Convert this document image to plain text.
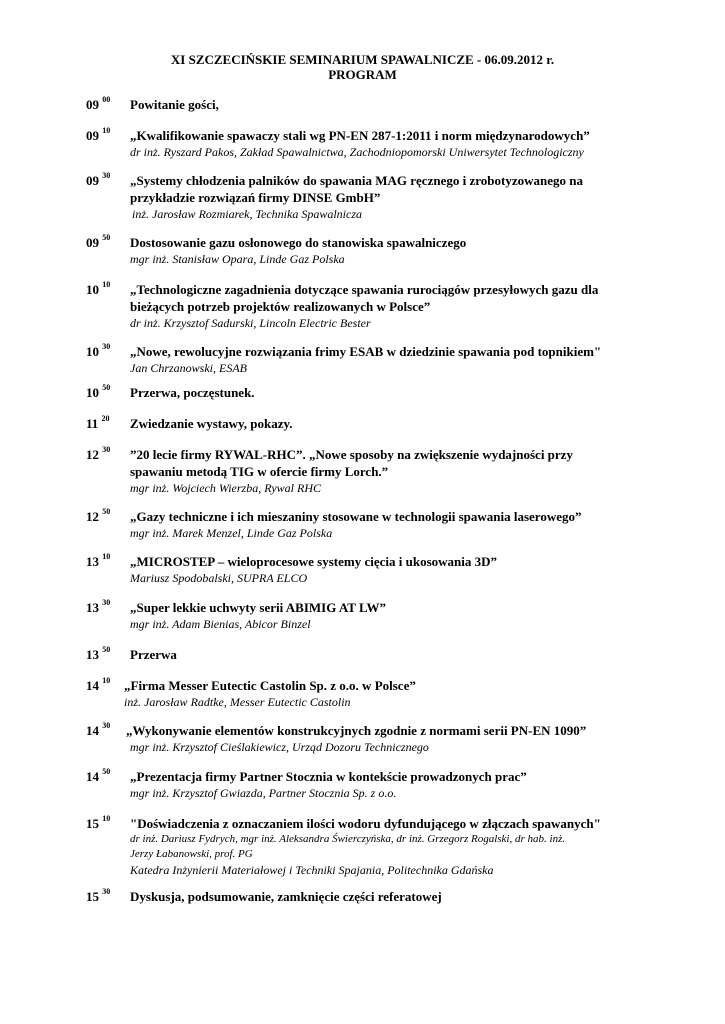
XI SZCZECIŃSKIE SEMINARIUM SPAWALNICZE - 06.09.2012 r.
PROGRAM
09 $^{00}$ Powitanie gości,
09 $^{10}$ „Kwalifikowanie spawaczy stali wg PN-EN 287-1:2011 i norm międzynarodowych”
dr inż. Ryszard Pakos, Zakład Spawalnictwa, Zachodniopomorski Uniwersytet Technologiczny
09 $^{30}$ „Systemy chłodzenia palników do spawania MAG ręcznego i zrobotyzowanego na
przykładzie rozwiązań firmy DINSE GmbH”
inż. Jarosław Rozmiarek, Technika Spawalnicza
09 $^{50}$ Dostosowanie gazu osłonowego do stanowiska spawalniczego
mgr inż. Stanisław Opara, Linde Gaz Polska
10 $^{10}$ „Technologiczne zagadnienia dotyczące spawania rurociągów przesyłowych gazu dla
bieżących potrzeb projektów realizowanych w Polsce”
dr inż. Krzysztof Sadurski, Lincoln Electric Bester
10 $^{30}$ „Nowe, rewolucyjne rozwiązania frimy ESAB w dziedzinie spawania pod topnikiem"
Jan Chrzanowski, ESAB
10 $^{50}$ Przerwa, poczęstunek.
11 $^{20}$ Zwiedzanie wystawy, pokazy.
12 $^{30}$ ”20 lecie firmy RYWAL-RHC”. „Nowe sposoby na zwiększenie wydajności przy
spawaniu metodą TIG w ofercie firmy Lorch.”
mgr inż. Wojciech Wierzba, Rywal RHC
12 $^{50}$ „Gazy techniczne i ich mieszaniny stosowane w technologii spawania laserowego”
mgr inż. Marek Menzel, Linde Gaz Polska
13 $^{10}$ „MICROSTEP – wieloprocesowe systemy cięcia i ukosowania 3D”
Mariusz Spodobalski, SUPRA ELCO
13 $^{30}$ „Super lekkie uchwyty serii ABIMIG AT LW”
mgr inż. Adam Bienias, Abicor Binzel
13 $^{50}$ Przerwa
14 $^{10}$ „Firma Messer Eutectic Castolin Sp. z o.o. w Polsce”
inż. Jarosław Radtke, Messer Eutectic Castolin
14 $^{30}$ „Wykonywanie elementów konstrukcyjnych zgodnie z normami serii PN-EN 1090”
mgr inż. Krzysztof Cieślakiewicz, Urząd Dozoru Technicznego
14 $^{50}$ „Prezentacja firmy Partner Stocznia w kontekście prowadzonych prac”
mgr inż. Krzysztof Gwiazda, Partner Stocznia Sp. z o.o.
15 $^{10}$ "Doświadczenia z oznaczaniem ilości wodoru dyfundującego w złączach spawanych"
dr inż. Dariusz Fydrych, mgr inż. Aleksandra Świerczyńska, dr inż. Grzegorz Rogalski, dr hab. inż.
Jerzy Łabanowski, prof. PG
Katedra Inżynierii Materiałowej i Techniki Spajania, Politechnika Gdańska
15 $^{30}$ Dyskusja, podsumowanie, zamknięcie części referatowej
